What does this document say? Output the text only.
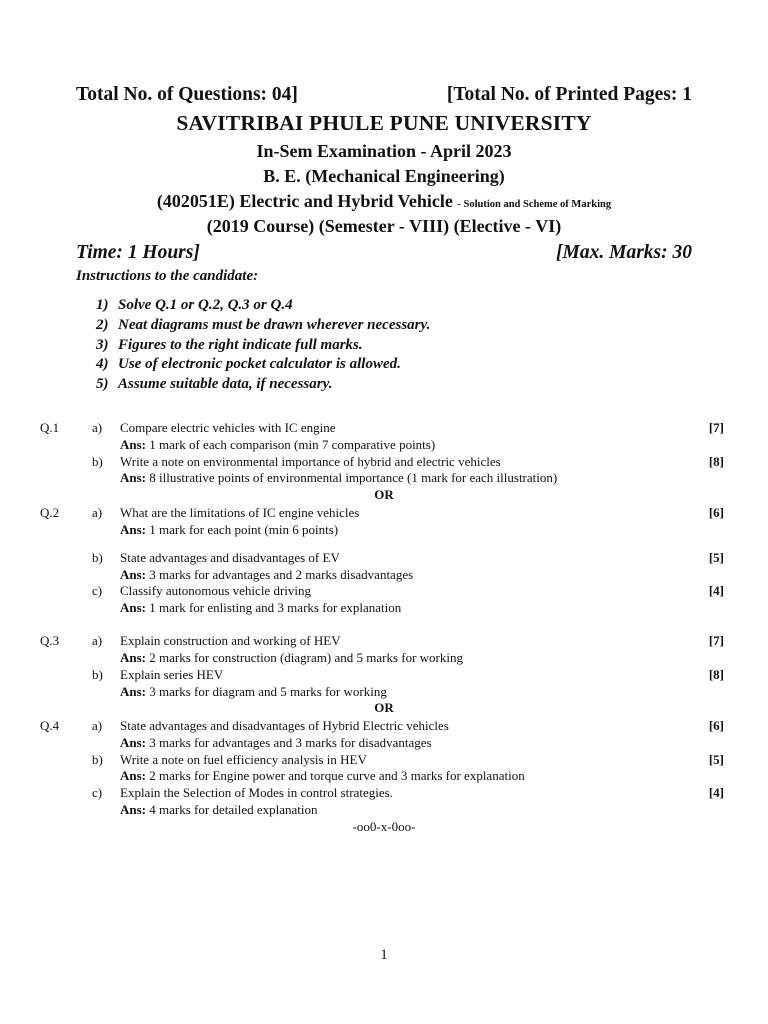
Total No. of Questions: 04]	[Total No. of Printed Pages: 1
SAVITRIBAI PHULE PUNE UNIVERSITY
In-Sem Examination - April 2023
B. E. (Mechanical Engineering)
(402051E) Electric and Hybrid Vehicle - Solution and Scheme of Marking
(2019 Course) (Semester - VIII) (Elective - VI)
Time: 1 Hours]	[Max. Marks: 30
Instructions to the candidate:
1) Solve Q.1 or Q.2, Q.3 or Q.4
2) Neat diagrams must be drawn wherever necessary.
3) Figures to the right indicate full marks.
4) Use of electronic pocket calculator is allowed.
5) Assume suitable data, if necessary.
Q.1	a) Compare electric vehicles with IC engine	[7]
Ans: 1 mark of each comparison (min 7 comparative points)
b) Write a note on environmental importance of hybrid and electric vehicles	[8]
Ans: 8 illustrative points of environmental importance (1 mark for each illustration)
OR
Q.2	a) What are the limitations of IC engine vehicles	[6]
Ans: 1 mark for each point (min 6 points)
b) State advantages and disadvantages of EV	[5]
Ans: 3 marks for advantages and 2 marks disadvantages
c) Classify autonomous vehicle driving	[4]
Ans: 1 mark for enlisting and 3 marks for explanation
Q.3	a) Explain construction and working of HEV	[7]
Ans: 2 marks for construction (diagram) and 5 marks for working
b) Explain series HEV	[8]
Ans: 3 marks for diagram and 5 marks for working
OR
Q.4	a) State advantages and disadvantages of Hybrid Electric vehicles	[6]
Ans: 3 marks for advantages and 3 marks for disadvantages
b) Write a note on fuel efficiency analysis in HEV	[5]
Ans: 2 marks for Engine power and torque curve and 3 marks for explanation
c) Explain the Selection of Modes in control strategies.	[4]
Ans: 4 marks for detailed explanation
-oo0-x-0oo-
1
